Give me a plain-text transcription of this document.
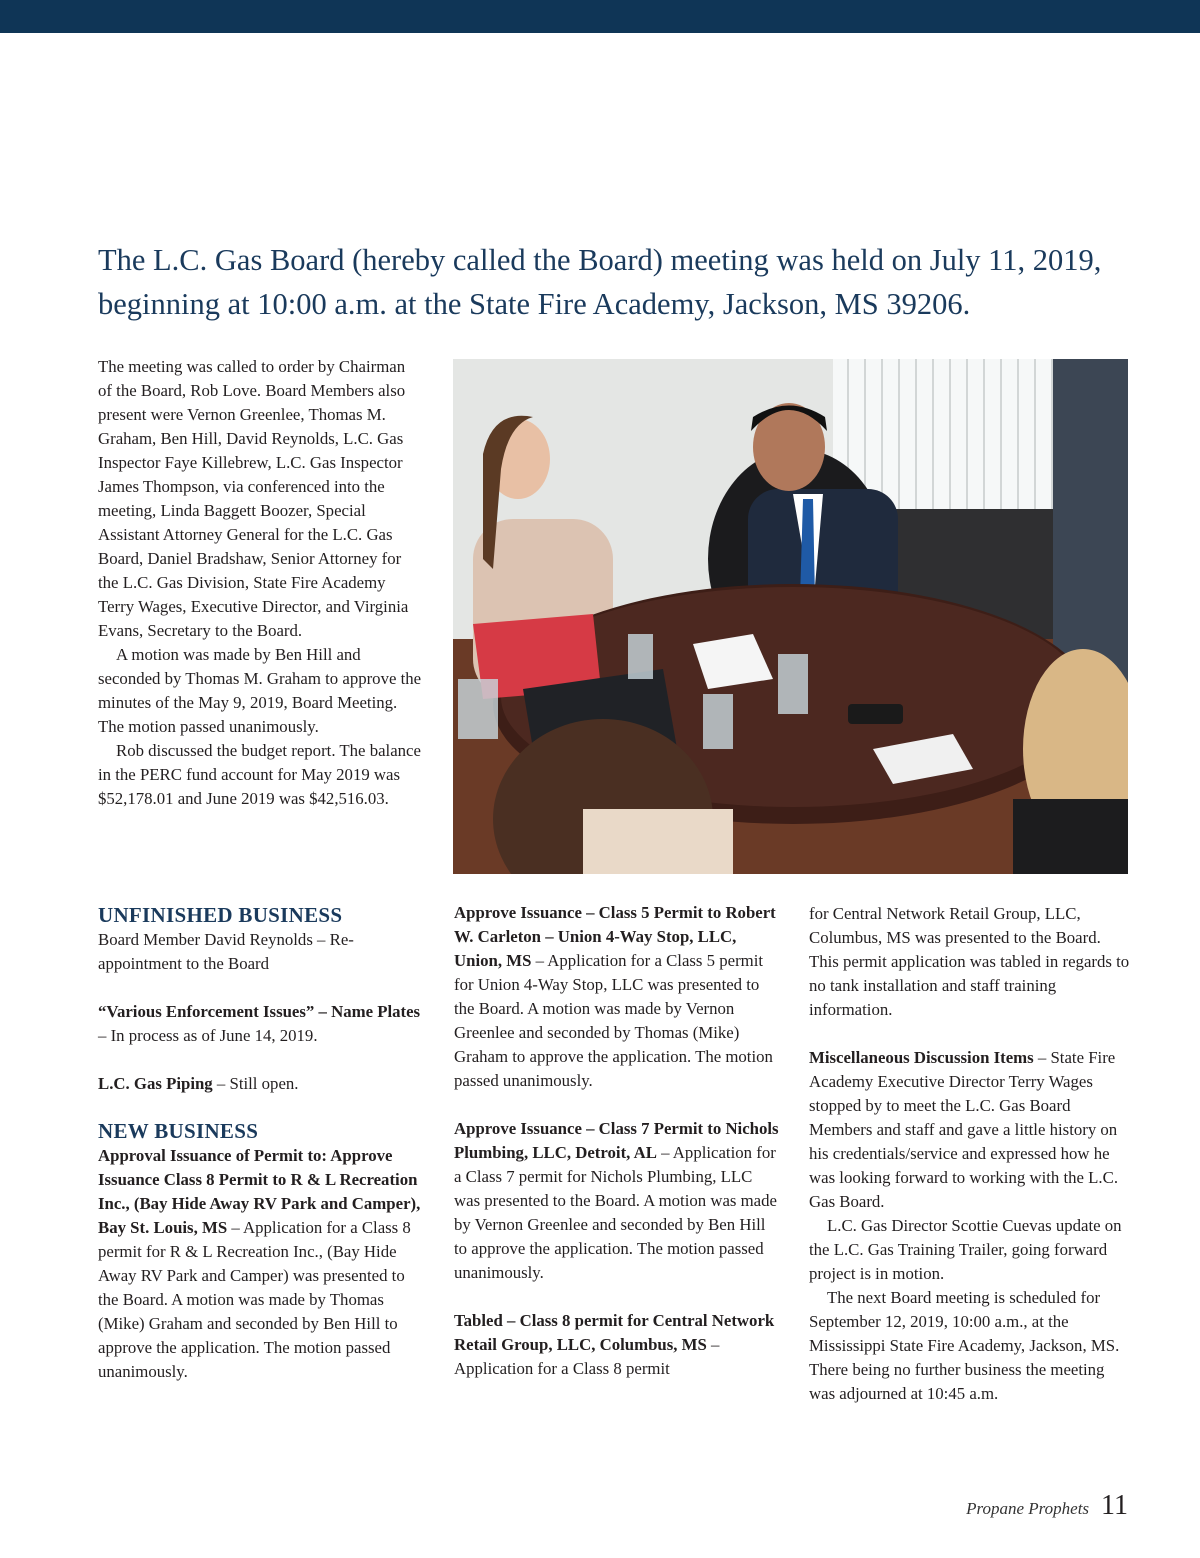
The L.C. Gas Board (hereby called the Board) meeting was held on July 11, 2019, beginning at 10:00 a.m. at the State Fire Academy, Jackson, MS 39206.

The meeting was called to order by Chairman of the Board, Rob Love. Board Members also present were Vernon Greenlee, Thomas M. Graham, Ben Hill, David Reynolds, L.C. Gas Inspector Faye Killebrew, L.C. Gas Inspector James Thompson, via conferenced into the meeting, Linda Baggett Boozer, Special Assistant Attorney General for the L.C. Gas Board, Daniel Bradshaw, Senior Attorney for the L.C. Gas Division, State Fire Academy Terry Wages, Executive Director, and Virginia Evans, Secretary to the Board.

A motion was made by Ben Hill and seconded by Thomas M. Graham to approve the minutes of the May 9, 2019, Board Meeting. The motion passed unanimously.

Rob discussed the budget report. The balance in the PERC fund account for May 2019 was $52,178.01 and June 2019 was $42,516.03.

UNFINISHED BUSINESS

Board Member David Reynolds – Re-appointment to the Board

“Various Enforcement Issues” – Name Plates – In process as of June 14, 2019.

L.C. Gas Piping – Still open.

NEW BUSINESS

Approval Issuance of Permit to: Approve Issuance Class 8 Permit to R & L Recreation Inc., (Bay Hide Away RV Park and Camper), Bay St. Louis, MS – Application for a Class 8 permit for R & L Recreation Inc., (Bay Hide Away RV Park and Camper) was presented to the Board. A motion was made by Thomas (Mike) Graham and seconded by Ben Hill to approve the application. The motion passed unanimously.

Approve Issuance – Class 5 Permit to Robert W. Carleton – Union 4-Way Stop, LLC, Union, MS – Application for a Class 5 permit for Union 4-Way Stop, LLC was presented to the Board. A motion was made by Vernon Greenlee and seconded by Thomas (Mike) Graham to approve the application. The motion passed unanimously.

Approve Issuance – Class 7 Permit to Nichols Plumbing, LLC, Detroit, AL – Application for a Class 7 permit for Nichols Plumbing, LLC was presented to the Board. A motion was made by Vernon Greenlee and seconded by Ben Hill to approve the application. The motion passed unanimously.

Tabled – Class 8 permit for Central Network Retail Group, LLC, Columbus, MS – Application for a Class 8 permit

for Central Network Retail Group, LLC, Columbus, MS was presented to the Board. This permit application was tabled in regards to no tank installation and staff training information.

Miscellaneous Discussion Items – State Fire Academy Executive Director Terry Wages stopped by to meet the L.C. Gas Board Members and staff and gave a little history on his credentials/service and expressed how he was looking forward to working with the L.C. Gas Board.

L.C. Gas Director Scottie Cuevas update on the L.C. Gas Training Trailer, going forward project is in motion.

The next Board meeting is scheduled for September 12, 2019, 10:00 a.m., at the Mississippi State Fire Academy, Jackson, MS. There being no further business the meeting was adjourned at 10:45 a.m.

Propane Prophets 11
